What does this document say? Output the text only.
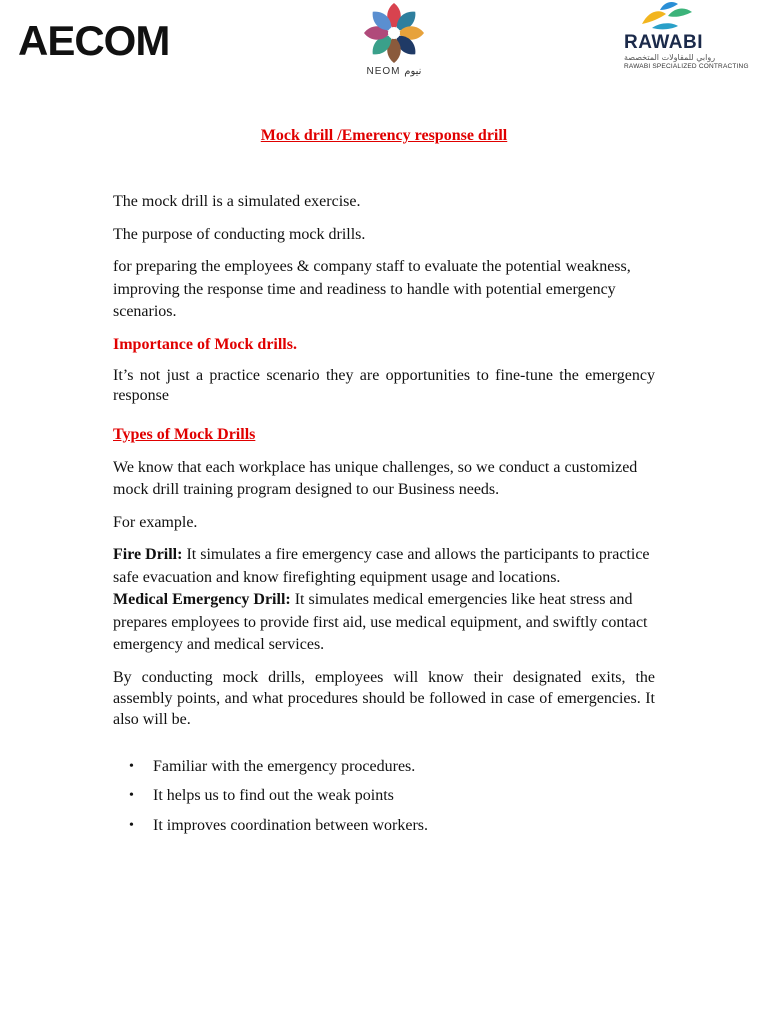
AECOM
NEOM نيوم
RAWABI
روابي للمقاولات المتخصصة
RAWABI SPECIALIZED CONTRACTING
Mock drill /Emerency response drill

The mock drill is a simulated exercise.

The purpose of conducting mock drills.

for preparing the employees & company staff to evaluate the potential weakness, improving the response time and readiness to handle with potential emergency scenarios.

Importance of Mock drills.

It’s not just a practice scenario they are opportunities to fine-tune the emergency response

Types of Mock Drills

We know that each workplace has unique challenges, so we conduct a customized mock drill training program designed to our Business needs.

For example.

Fire Drill: It simulates a fire emergency case and allows the participants to practice safe evacuation and know firefighting equipment usage and locations.

Medical Emergency Drill: It simulates medical emergencies like heat stress and prepares employees to provide first aid, use medical equipment, and swiftly contact emergency and medical services.

By conducting mock drills, employees will know their designated exits, the assembly points, and what procedures should be followed in case of emergencies. It also will be.

• Familiar with the emergency procedures.
• It helps us to find out the weak points
• It improves coordination between workers.
